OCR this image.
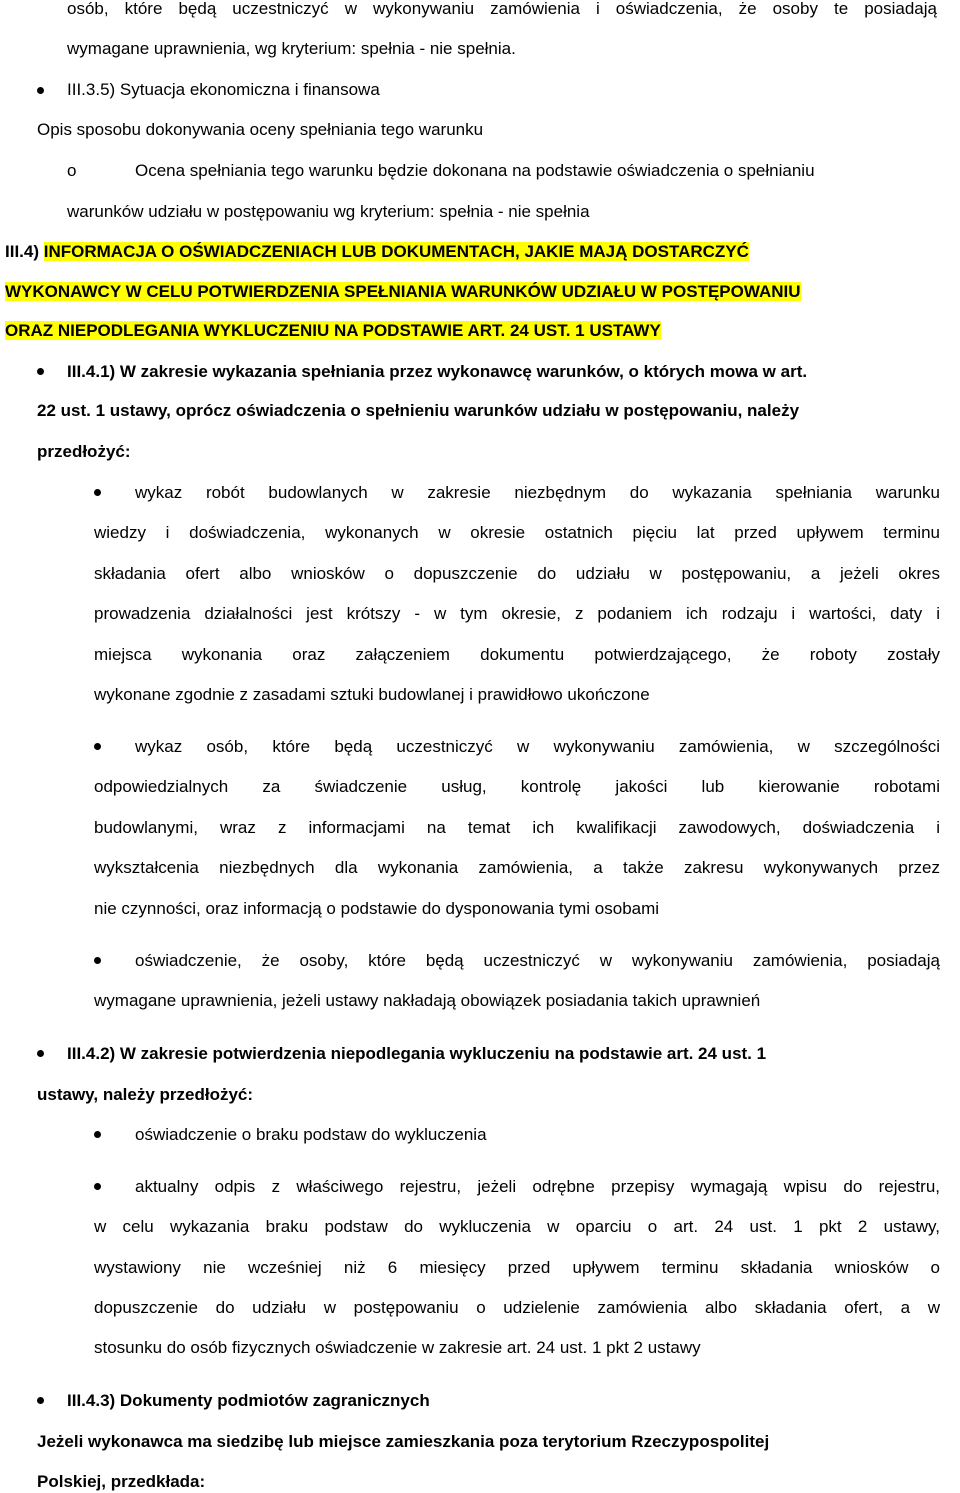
osób, które będą uczestniczyć w wykonywaniu zamówienia i oświadczenia, że osoby te posiadają
wymagane uprawnienia, wg kryterium: spełnia - nie spełnia.
III.3.5) Sytuacja ekonomiczna i finansowa
Opis sposobu dokonywania oceny spełniania tego warunku
o	Ocena spełniania tego warunku będzie dokonana na podstawie oświadczenia o spełnianiu
warunków udziału w postępowaniu wg kryterium: spełnia - nie spełnia
III.4) INFORMACJA O OŚWIADCZENIACH LUB DOKUMENTACH, JAKIE MAJĄ DOSTARCZYĆ
WYKONAWCY W CELU POTWIERDZENIA SPEŁNIANIA WARUNKÓW UDZIAŁU W POSTĘPOWANIU
ORAZ NIEPODLEGANIA WYKLUCZENIU NA PODSTAWIE ART. 24 UST. 1 USTAWY
III.4.1) W zakresie wykazania spełniania przez wykonawcę warunków, o których mowa w art.
22 ust. 1 ustawy, oprócz oświadczenia o spełnieniu warunków udziału w postępowaniu, należy
przedłożyć:
wykaz robót budowlanych w zakresie niezbędnym do wykazania spełniania warunku
wiedzy i doświadczenia, wykonanych w okresie ostatnich pięciu lat przed upływem terminu
składania ofert albo wniosków o dopuszczenie do udziału w postępowaniu, a jeżeli okres
prowadzenia działalności jest krótszy - w tym okresie, z podaniem ich rodzaju i wartości, daty i
miejsca wykonania oraz załączeniem dokumentu potwierdzającego, że roboty zostały
wykonane zgodnie z zasadami sztuki budowlanej i prawidłowo ukończone
wykaz osób, które będą uczestniczyć w wykonywaniu zamówienia, w szczególności
odpowiedzialnych za świadczenie usług, kontrolę jakości lub kierowanie robotami
budowlanymi, wraz z informacjami na temat ich kwalifikacji zawodowych, doświadczenia i
wykształcenia niezbędnych dla wykonania zamówienia, a także zakresu wykonywanych przez
nie czynności, oraz informacją o podstawie do dysponowania tymi osobami
oświadczenie, że osoby, które będą uczestniczyć w wykonywaniu zamówienia, posiadają
wymagane uprawnienia, jeżeli ustawy nakładają obowiązek posiadania takich uprawnień
III.4.2) W zakresie potwierdzenia niepodlegania wykluczeniu na podstawie art. 24 ust. 1
ustawy, należy przedłożyć:
oświadczenie o braku podstaw do wykluczenia
aktualny odpis z właściwego rejestru, jeżeli odrębne przepisy wymagają wpisu do rejestru,
w celu wykazania braku podstaw do wykluczenia w oparciu o art. 24 ust. 1 pkt 2 ustawy,
wystawiony nie wcześniej niż 6 miesięcy przed upływem terminu składania wniosków o
dopuszczenie do udziału w postępowaniu o udzielenie zamówienia albo składania ofert, a w
stosunku do osób fizycznych oświadczenie w zakresie art. 24 ust. 1 pkt 2 ustawy
III.4.3) Dokumenty podmiotów zagranicznych
Jeżeli wykonawca ma siedzibę lub miejsce zamieszkania poza terytorium Rzeczypospolitej
Polskiej, przedkłada:
